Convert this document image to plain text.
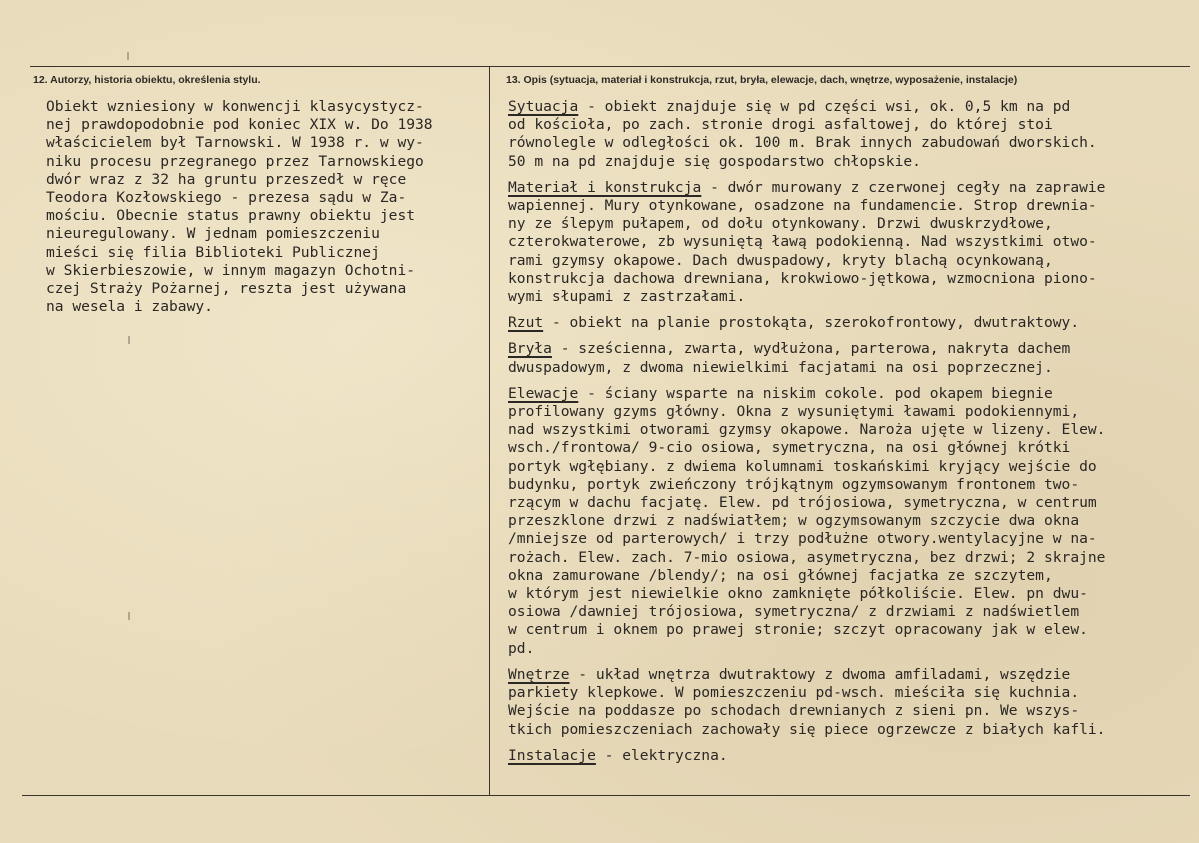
12. Autorzy, historia obiektu, określenia stylu.	13. Opis (sytuacja, materiał i konstrukcja, rzut, bryła, elewacje, dach, wnętrze, wyposażenie, instalacje)
Obiekt wzniesiony w konwencji klasycystycz-
nej prawdopodobnie pod koniec XIX w. Do 1938
właścicielem był Tarnowski. W 1938 r. w wy-
niku procesu przegranego przez Tarnowskiego
dwór wraz z 32 ha gruntu przeszedł w ręce
Teodora Kozłowskiego - prezesa sądu w Za-
mościu. Obecnie status prawny obiektu jest
nieuregulowany. W jednam pomieszczeniu
mieści się filia Biblioteki Publicznej
w Skierbieszowie, w innym magazyn Ochotni-
czej Straży Pożarnej, reszta jest używana
na wesela i zabawy.
Sytuacja - obiekt znajduje się w pd części wsi, ok. 0,5 km na pd
od kościoła, po zach. stronie drogi asfaltowej, do której stoi
równolegle w odległości ok. 100 m. Brak innych zabudowań dworskich.
50 m na pd znajduje się gospodarstwo chłopskie.
Materiał i konstrukcja - dwór murowany z czerwonej cegły na zaprawie
wapiennej. Mury otynkowane, osadzone na fundamencie. Strop drewnia-
ny ze ślepym pułapem, od dołu otynkowany. Drzwi dwuskrzydłowe,
czterokwaterowe, zb wysuniętą ławą podokienną. Nad wszystkimi otwo-
rami gzymsy okapowe. Dach dwuspadowy, kryty blachą ocynkowaną,
konstrukcja dachowa drewniana, krokwiowo-jętkowa, wzmocniona piono-
wymi słupami z zastrzałami.
Rzut - obiekt na planie prostokąta, szerokofrontowy, dwutraktowy.
Bryła - sześcienna, zwarta, wydłużona, parterowa, nakryta dachem
dwuspadowym, z dwoma niewielkimi facjatami na osi poprzecznej.
Elewacje - ściany wsparte na niskim cokole. pod okapem biegnie
profilowany gzyms główny. Okna z wysuniętymi ławami podokiennymi,
nad wszystkimi otworami gzymsy okapowe. Naroża ujęte w lizeny. Elew.
wsch./frontowa/ 9-cio osiowa, symetryczna, na osi głównej krótki
portyk wgłębiany. z dwiema kolumnami toskańskimi kryjący wejście do
budynku, portyk zwieńczony trójkątnym ogzymsowanym frontonem two-
rzącym w dachu facjatę. Elew. pd trójosiowa, symetryczna, w centrum
przeszklone drzwi z nadświatłem; w ogzymsowanym szczycie dwa okna
/mniejsze od parterowych/ i trzy podłużne otwory.wentylacyjne w na-
rożach. Elew. zach. 7-mio osiowa, asymetryczna, bez drzwi; 2 skrajne
okna zamurowane /blendy/; na osi głównej facjatka ze szczytem,
w którym jest niewielkie okno zamknięte półkoliście. Elew. pn dwu-
osiowa /dawniej trójosiowa, symetryczna/ z drzwiami z nadświetlem
w centrum i oknem po prawej stronie; szczyt opracowany jak w elew.
pd.
Wnętrze - układ wnętrza dwutraktowy z dwoma amfiladami, wszędzie
parkiety klepkowe. W pomieszczeniu pd-wsch. mieściła się kuchnia.
Wejście na poddasze po schodach drewnianych z sieni pn. We wszys-
tkich pomieszczeniach zachowały się piece ogrzewcze z białych kafli.
Instalacje - elektryczna.
